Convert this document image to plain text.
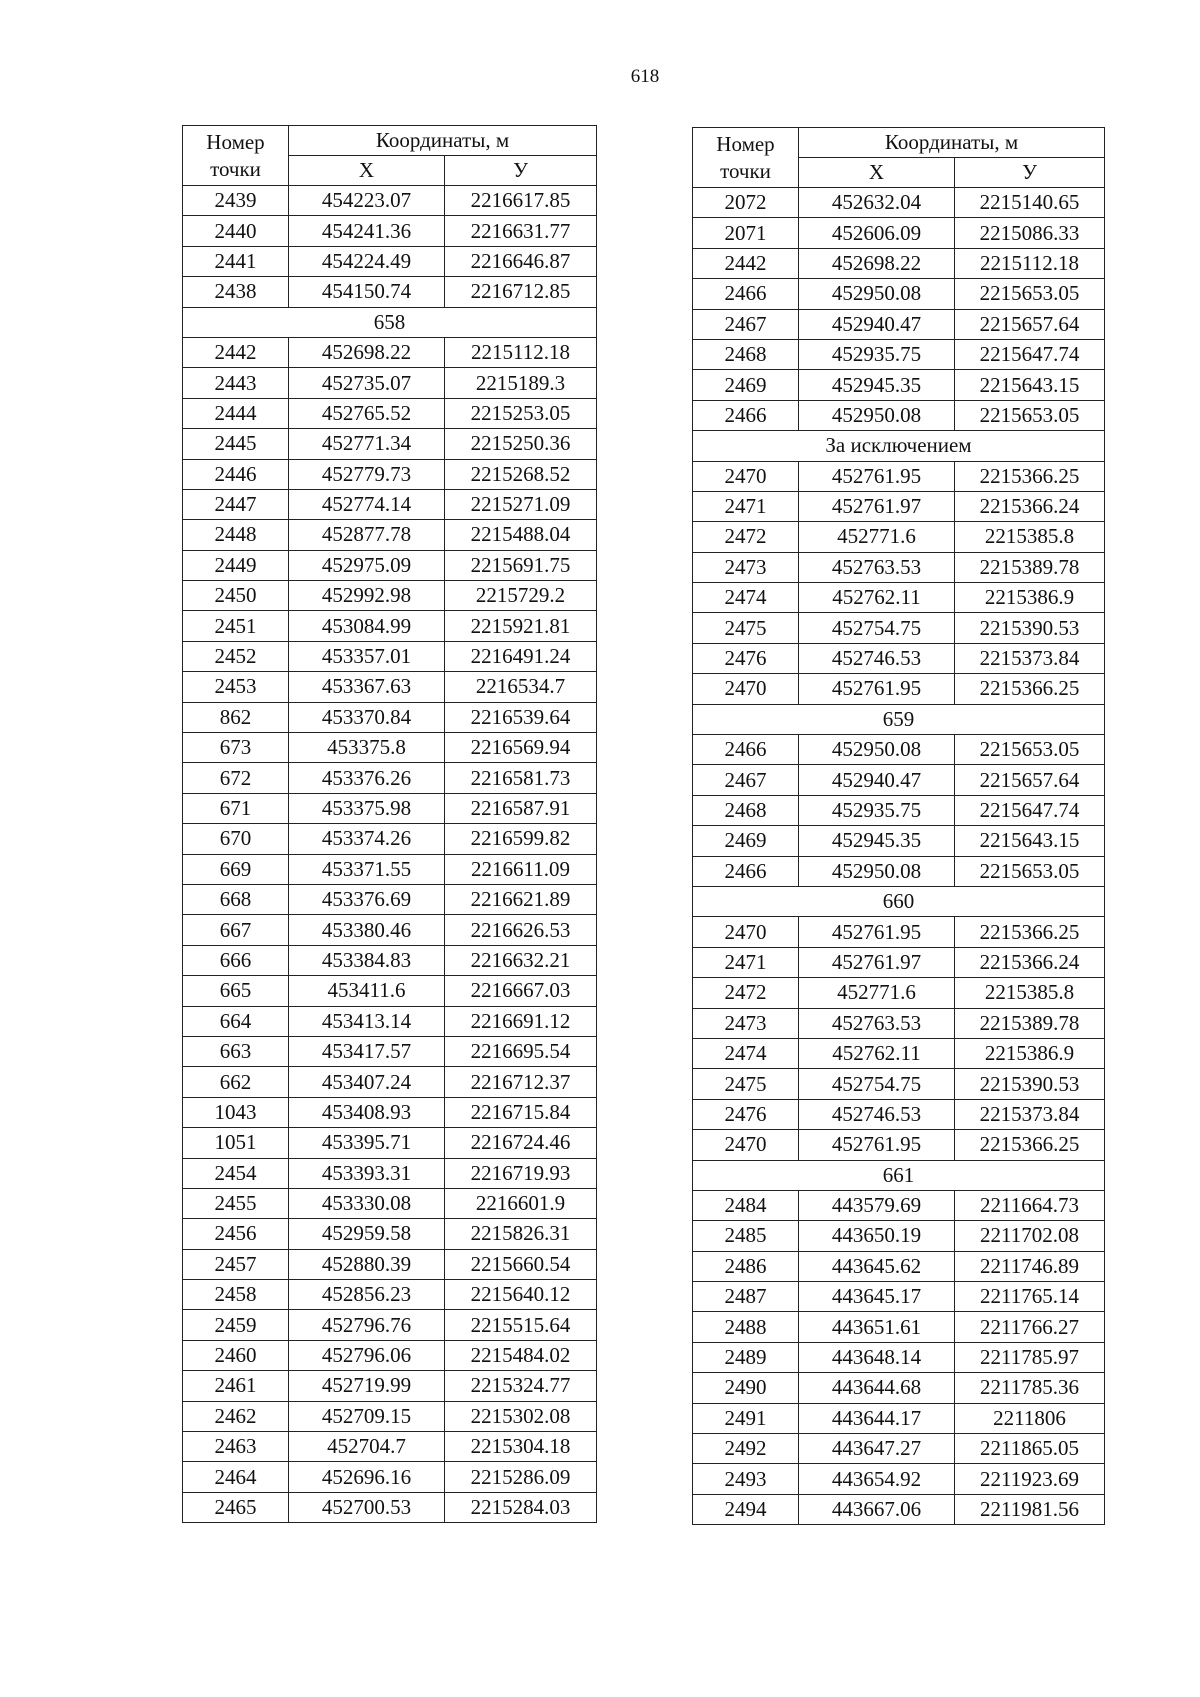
618
Номер
точки	Координаты, м	
	X	У
2439	454223.07	2216617.85
2440	454241.36	2216631.77
2441	454224.49	2216646.87
2438	454150.74	2216712.85
658		
2442	452698.22	2215112.18
2443	452735.07	2215189.3
2444	452765.52	2215253.05
2445	452771.34	2215250.36
2446	452779.73	2215268.52
2447	452774.14	2215271.09
2448	452877.78	2215488.04
2449	452975.09	2215691.75
2450	452992.98	2215729.2
2451	453084.99	2215921.81
2452	453357.01	2216491.24
2453	453367.63	2216534.7
862	453370.84	2216539.64
673	453375.8	2216569.94
672	453376.26	2216581.73
671	453375.98	2216587.91
670	453374.26	2216599.82
669	453371.55	2216611.09
668	453376.69	2216621.89
667	453380.46	2216626.53
666	453384.83	2216632.21
665	453411.6	2216667.03
664	453413.14	2216691.12
663	453417.57	2216695.54
662	453407.24	2216712.37
1043	453408.93	2216715.84
1051	453395.71	2216724.46
2454	453393.31	2216719.93
2455	453330.08	2216601.9
2456	452959.58	2215826.31
2457	452880.39	2215660.54
2458	452856.23	2215640.12
2459	452796.76	2215515.64
2460	452796.06	2215484.02
2461	452719.99	2215324.77
2462	452709.15	2215302.08
2463	452704.7	2215304.18
2464	452696.16	2215286.09
2465	452700.53	2215284.03
Номер
точки	Координаты, м	
	X	У
2072	452632.04	2215140.65
2071	452606.09	2215086.33
2442	452698.22	2215112.18
2466	452950.08	2215653.05
2467	452940.47	2215657.64
2468	452935.75	2215647.74
2469	452945.35	2215643.15
2466	452950.08	2215653.05
За исключением		
2470	452761.95	2215366.25
2471	452761.97	2215366.24
2472	452771.6	2215385.8
2473	452763.53	2215389.78
2474	452762.11	2215386.9
2475	452754.75	2215390.53
2476	452746.53	2215373.84
2470	452761.95	2215366.25
659		
2466	452950.08	2215653.05
2467	452940.47	2215657.64
2468	452935.75	2215647.74
2469	452945.35	2215643.15
2466	452950.08	2215653.05
660		
2470	452761.95	2215366.25
2471	452761.97	2215366.24
2472	452771.6	2215385.8
2473	452763.53	2215389.78
2474	452762.11	2215386.9
2475	452754.75	2215390.53
2476	452746.53	2215373.84
2470	452761.95	2215366.25
661		
2484	443579.69	2211664.73
2485	443650.19	2211702.08
2486	443645.62	2211746.89
2487	443645.17	2211765.14
2488	443651.61	2211766.27
2489	443648.14	2211785.97
2490	443644.68	2211785.36
2491	443644.17	2211806
2492	443647.27	2211865.05
2493	443654.92	2211923.69
2494	443667.06	2211981.56
